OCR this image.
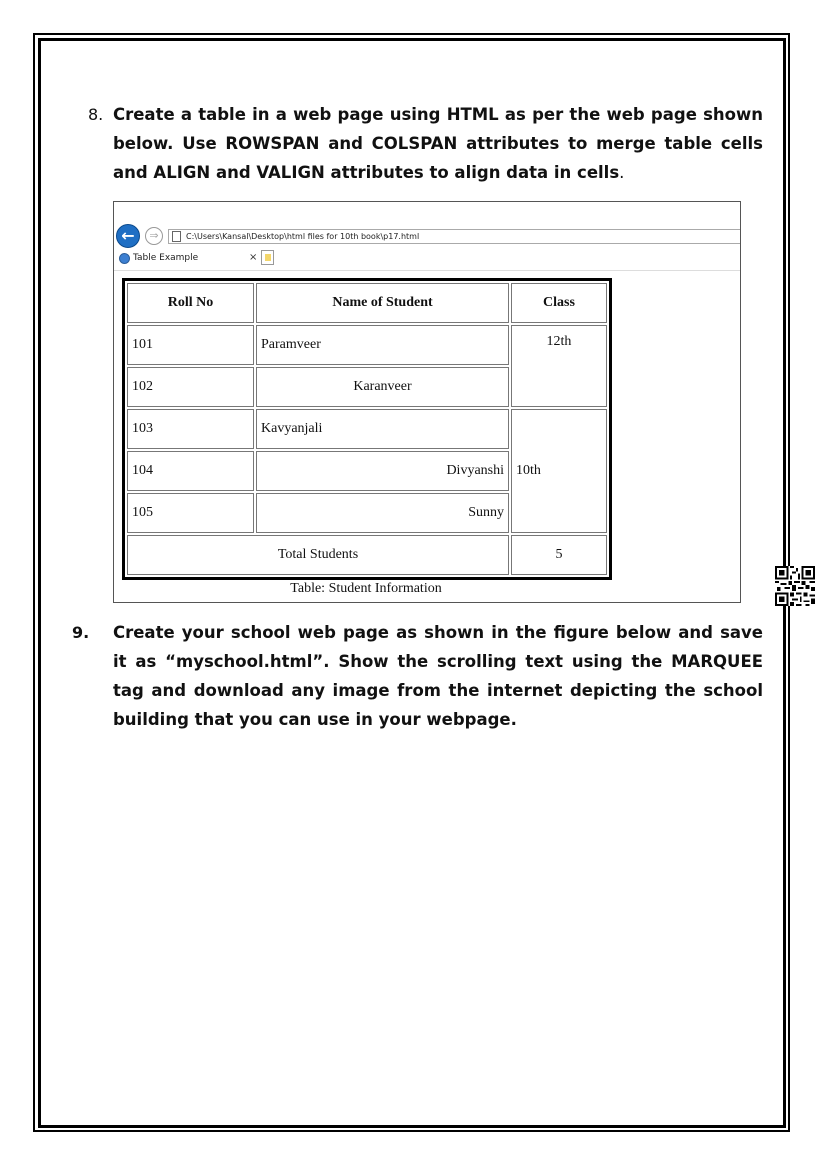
8. Create a table in a web page using HTML as per the web page shown below. Use ROWSPAN and COLSPAN attributes to merge table cells and ALIGN and VALIGN attributes to align data in cells.
←	⇒	C:\Users\Kansal\Desktop\html files for 10th book\p17.html
Table Example	×
Roll No	Name of Student	Class
101	Paramveer	12th
102	Karanveer	
103	Kavyanjali	10th
104	Divyanshi	
105	Sunny	
Total Students		5
Table: Student Information
9. Create your school web page as shown in the figure below and save it as “myschool.html”. Show the scrolling text using the MARQUEE tag and download any image from the internet depicting the school building that you can use in your webpage.
